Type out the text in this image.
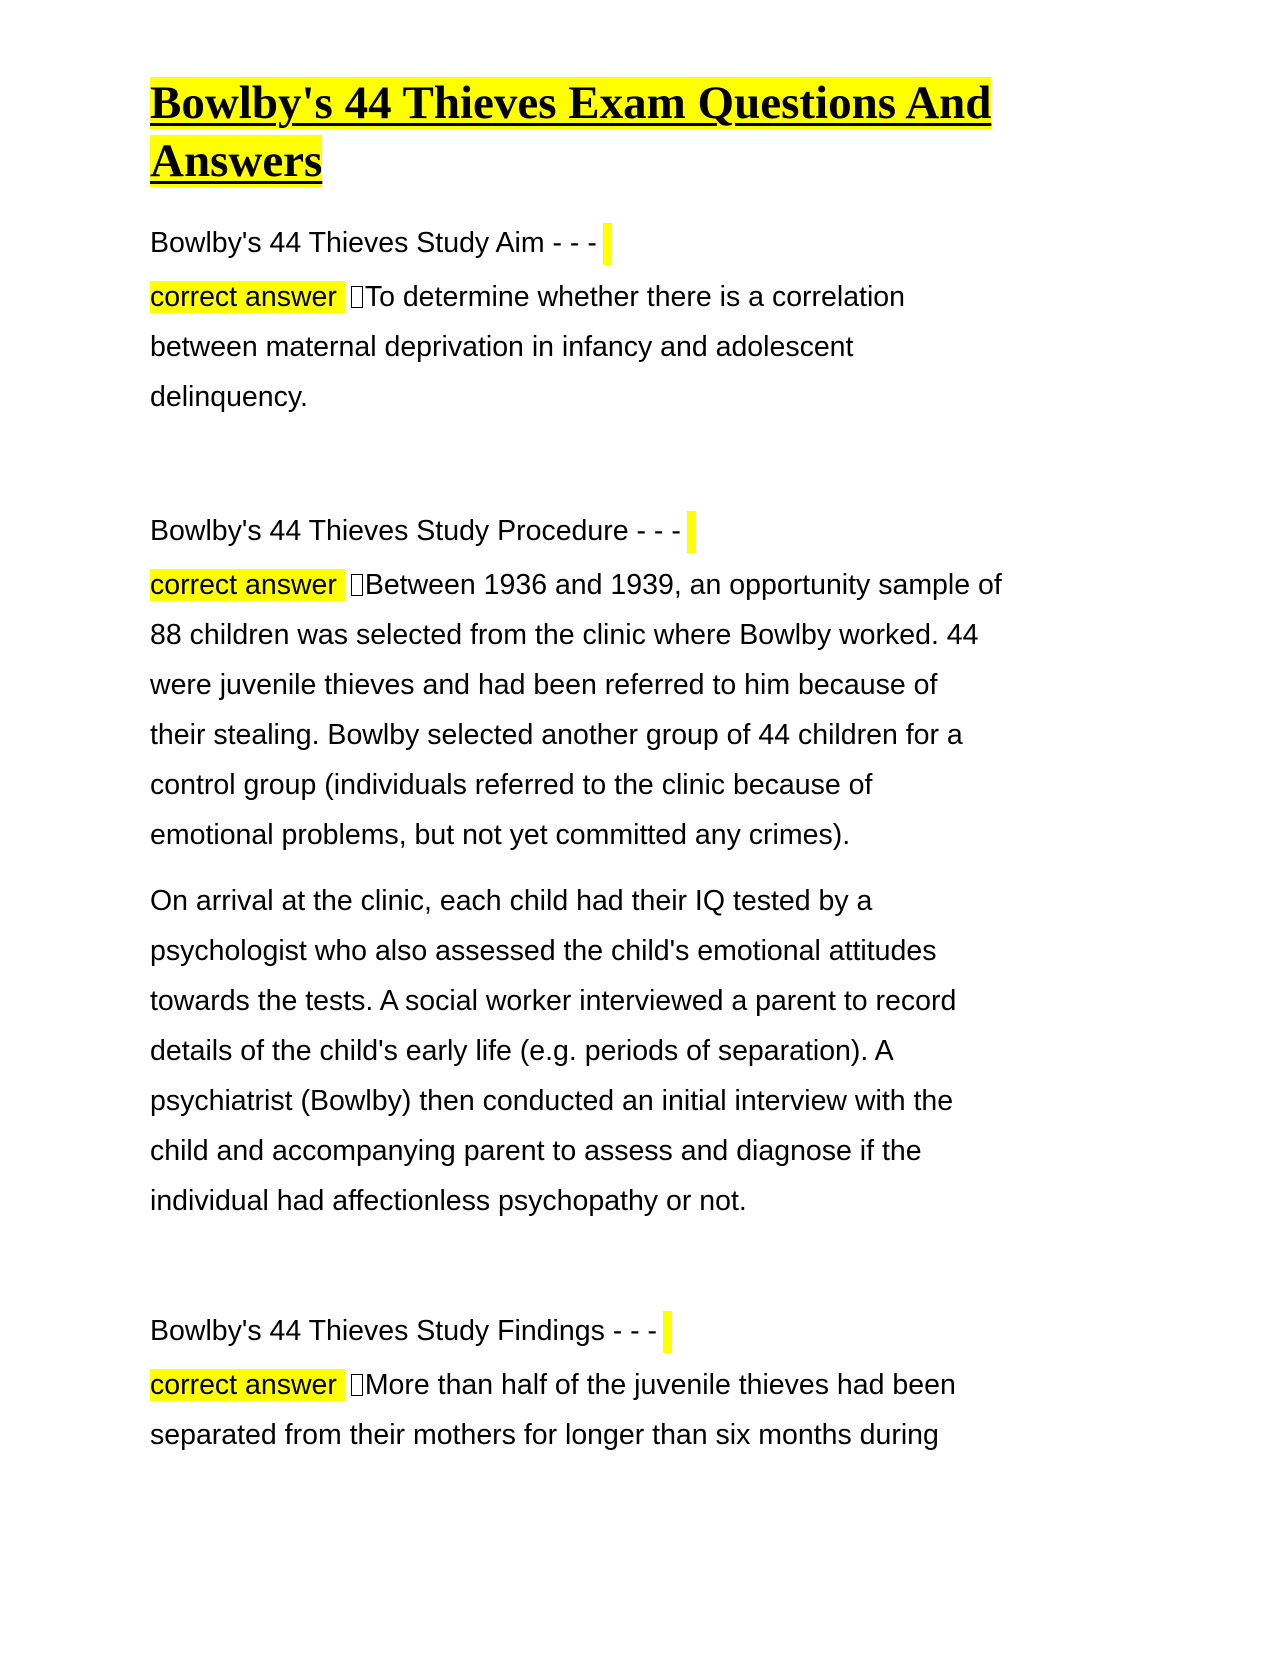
Bowlby's 44 Thieves Exam Questions And
Answers
Bowlby's 44 Thieves Study Aim - - -
correct answer To determine whether there is a correlation
between maternal deprivation in infancy and adolescent
delinquency.
Bowlby's 44 Thieves Study Procedure - - -
correct answer Between 1936 and 1939, an opportunity sample of
88 children was selected from the clinic where Bowlby worked. 44
were juvenile thieves and had been referred to him because of
their stealing. Bowlby selected another group of 44 children for a
control group (individuals referred to the clinic because of
emotional problems, but not yet committed any crimes).
On arrival at the clinic, each child had their IQ tested by a
psychologist who also assessed the child's emotional attitudes
towards the tests. A social worker interviewed a parent to record
details of the child's early life (e.g. periods of separation). A
psychiatrist (Bowlby) then conducted an initial interview with the
child and accompanying parent to assess and diagnose if the
individual had affectionless psychopathy or not.
Bowlby's 44 Thieves Study Findings - - -
correct answer More than half of the juvenile thieves had been
separated from their mothers for longer than six months during
